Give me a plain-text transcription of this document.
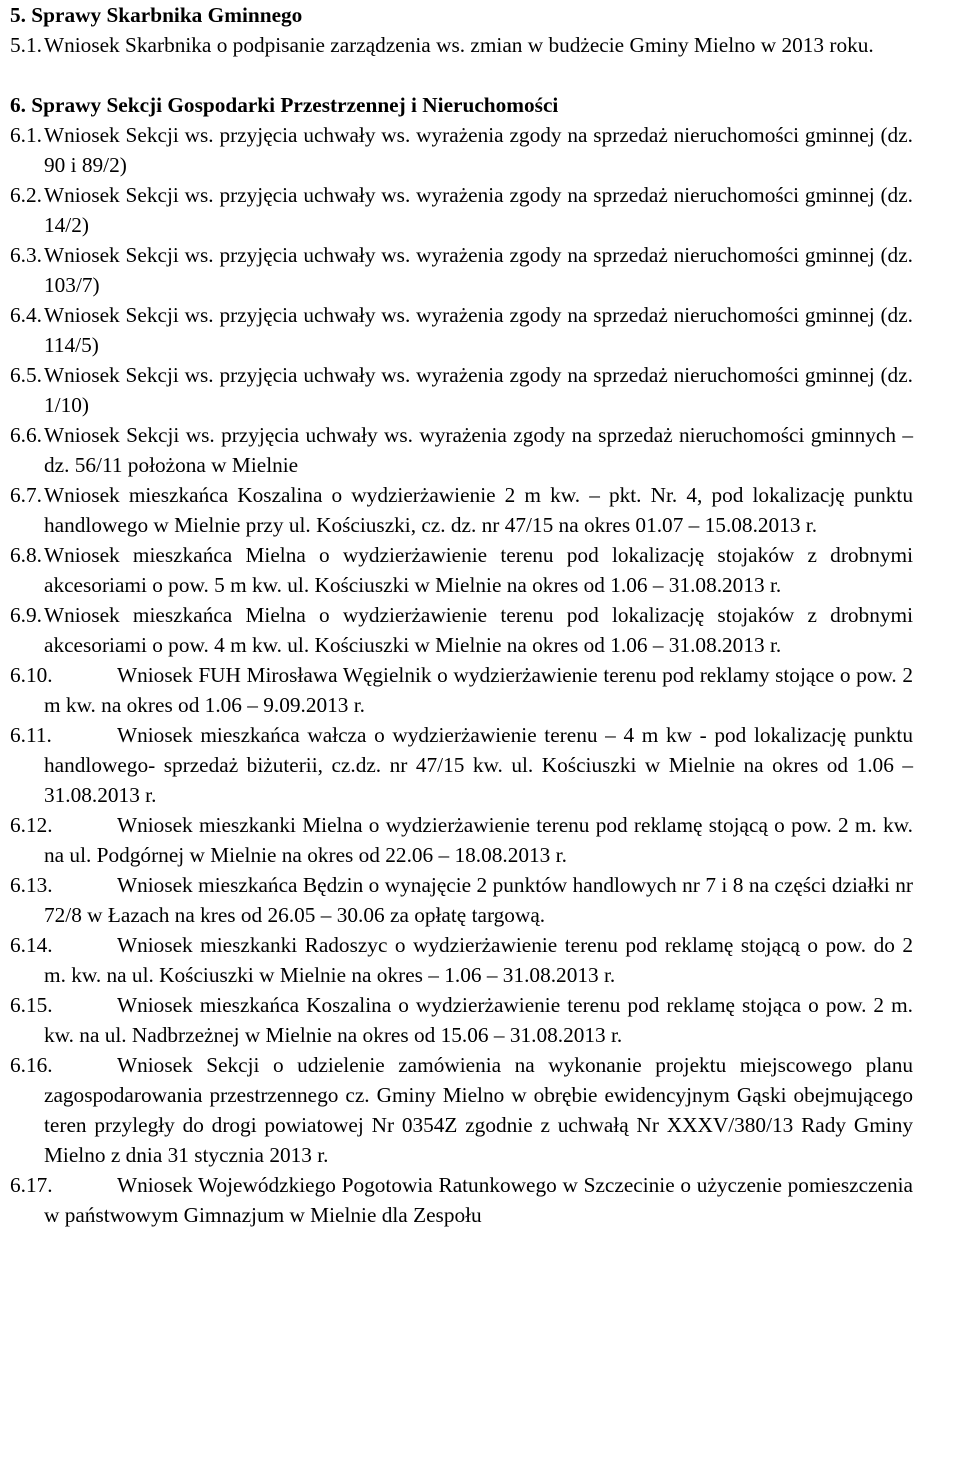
5. Sprawy Skarbnika Gminnego
5.1. Wniosek Skarbnika o podpisanie zarządzenia ws. zmian w budżecie Gminy Mielno w 2013 roku.
6. Sprawy Sekcji Gospodarki Przestrzennej i Nieruchomości
6.1. Wniosek Sekcji ws. przyjęcia uchwały ws. wyrażenia zgody na sprzedaż nieruchomości gminnej (dz. 90 i 89/2)
6.2. Wniosek Sekcji ws. przyjęcia uchwały ws. wyrażenia zgody na sprzedaż nieruchomości gminnej (dz. 14/2)
6.3. Wniosek Sekcji ws. przyjęcia uchwały ws. wyrażenia zgody na sprzedaż nieruchomości gminnej (dz. 103/7)
6.4. Wniosek Sekcji ws. przyjęcia uchwały ws. wyrażenia zgody na sprzedaż nieruchomości gminnej (dz. 114/5)
6.5. Wniosek Sekcji ws. przyjęcia uchwały ws. wyrażenia zgody na sprzedaż nieruchomości gminnej (dz. 1/10)
6.6. Wniosek Sekcji ws. przyjęcia uchwały ws. wyrażenia zgody na sprzedaż nieruchomości gminnych – dz. 56/11 położona w Mielnie
6.7. Wniosek mieszkańca Koszalina o wydzierżawienie 2 m kw. – pkt. Nr. 4, pod lokalizację punktu handlowego w Mielnie przy ul. Kościuszki, cz. dz. nr 47/15 na okres 01.07 – 15.08.2013 r.
6.8. Wniosek mieszkańca Mielna o wydzierżawienie terenu pod lokalizację stojaków z drobnymi akcesoriami o pow. 5 m kw. ul. Kościuszki w Mielnie na okres od 1.06 – 31.08.2013 r.
6.9. Wniosek mieszkańca Mielna o wydzierżawienie terenu pod lokalizację stojaków z drobnymi akcesoriami o pow. 4 m kw. ul. Kościuszki w Mielnie na okres od 1.06 – 31.08.2013 r.
6.10.	Wniosek FUH Mirosława Węgielnik o wydzierżawienie terenu pod reklamy stojące o pow. 2 m kw. na okres od 1.06 – 9.09.2013 r.
6.11.	Wniosek mieszkańca wałcza o wydzierżawienie terenu – 4 m kw - pod lokalizację punktu handlowego- sprzedaż biżuterii, cz.dz. nr 47/15 kw. ul. Kościuszki w Mielnie na okres od 1.06 – 31.08.2013 r.
6.12.	Wniosek mieszkanki Mielna o wydzierżawienie terenu pod reklamę stojącą o pow. 2 m. kw. na ul. Podgórnej w Mielnie na okres od 22.06 – 18.08.2013 r.
6.13.	Wniosek mieszkańca Będzin o wynajęcie 2 punktów handlowych nr 7 i 8 na części działki nr 72/8 w Łazach na kres od 26.05 – 30.06 za opłatę targową.
6.14.	Wniosek mieszkanki Radoszyc o wydzierżawienie terenu pod reklamę stojącą o pow. do 2 m. kw. na ul. Kościuszki w Mielnie na okres – 1.06 – 31.08.2013 r.
6.15.	Wniosek mieszkańca Koszalina o wydzierżawienie terenu pod reklamę stojąca o pow. 2 m. kw. na ul. Nadbrzeżnej w Mielnie na okres od 15.06 – 31.08.2013 r.
6.16.	Wniosek Sekcji o udzielenie zamówienia na wykonanie projektu miejscowego planu zagospodarowania przestrzennego cz. Gminy Mielno w obrębie ewidencyjnym Gąski obejmującego teren przyległy do drogi powiatowej Nr 0354Z zgodnie z uchwałą Nr XXXV/380/13 Rady Gminy Mielno z dnia 31 stycznia 2013 r.
6.17.	Wniosek Wojewódzkiego Pogotowia Ratunkowego w Szczecinie o użyczenie pomieszczenia w państwowym Gimnazjum w Mielnie dla Zespołu
